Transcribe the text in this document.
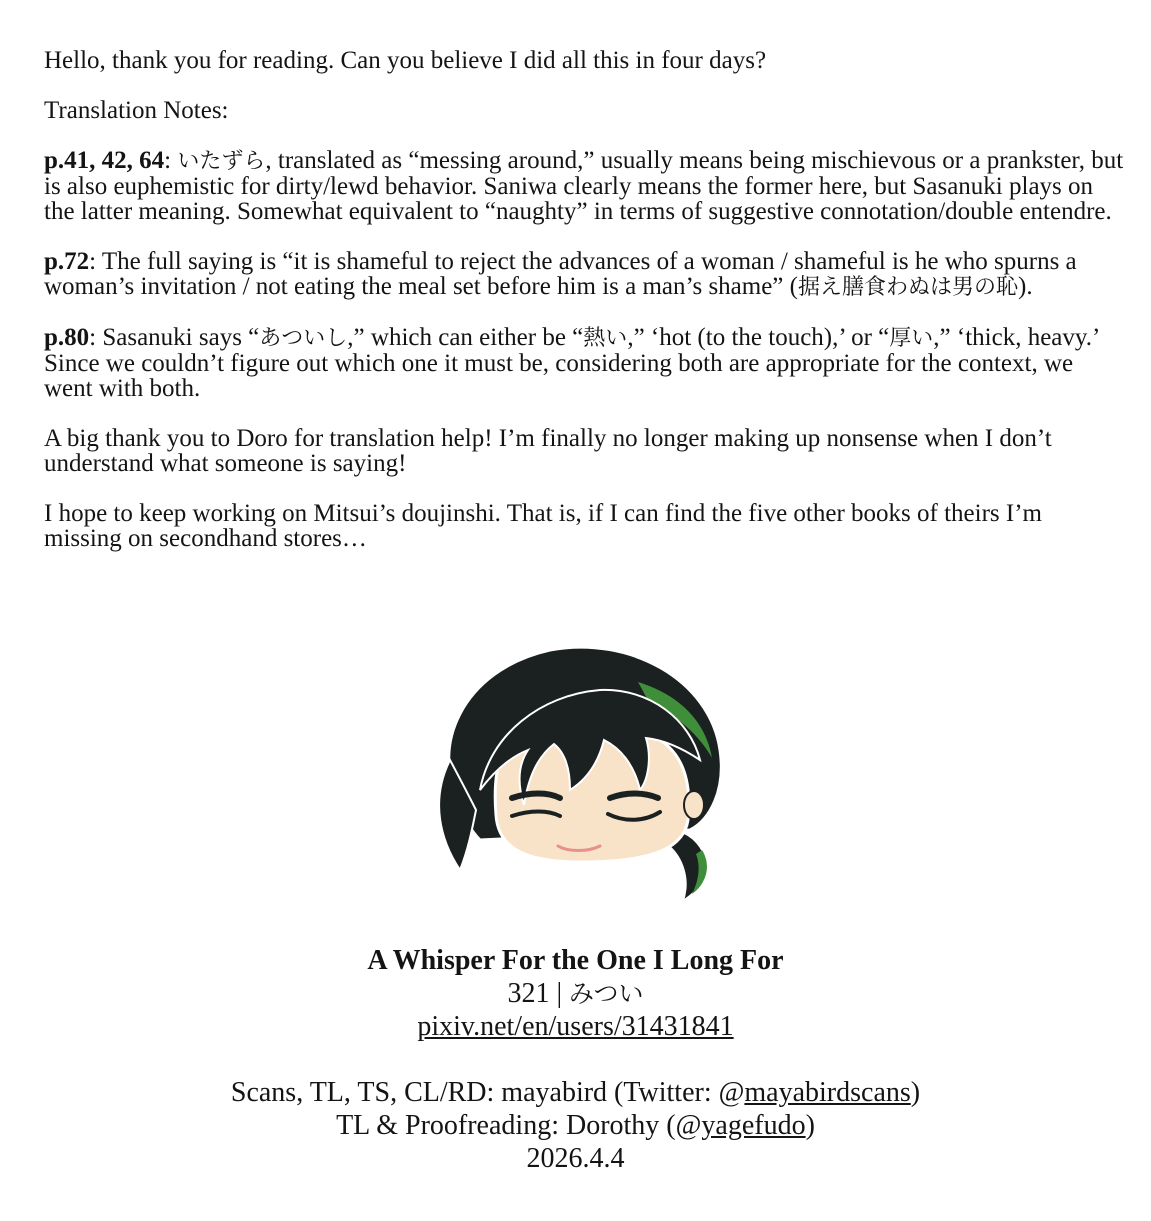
Hello, thank you for reading. Can you believe I did all this in four days?

Translation Notes:

p.41, 42, 64: いたずら, translated as “messing around,” usually means being mischievous or a prankster, but is also euphemistic for dirty/lewd behavior. Saniwa clearly means the former here, but Sasanuki plays on the latter meaning. Somewhat equivalent to “naughty” in terms of suggestive connotation/double entendre.

p.72: The full saying is “it is shameful to reject the advances of a woman / shameful is he who spurns a woman’s invitation / not eating the meal set before him is a man’s shame” (据え膳食わぬは男の恥).

p.80: Sasanuki says “あついし,” which can either be “熱い,” ‘hot (to the touch),’ or “厚い,” ‘thick, heavy.’ Since we couldn’t figure out which one it must be, considering both are appropriate for the context, we went with both.

A big thank you to Doro for translation help! I’m finally no longer making up nonsense when I don’t understand what someone is saying!

I hope to keep working on Mitsui’s doujinshi. That is, if I can find the five other books of theirs I’m missing on secondhand stores…

A Whisper For the One I Long For
321 | みつい
pixiv.net/en/users/31431841
Scans, TL, TS, CL/RD: mayabird (Twitter: @mayabirdscans)
TL & Proofreading: Dorothy (@yagefudo)
2026.4.4
